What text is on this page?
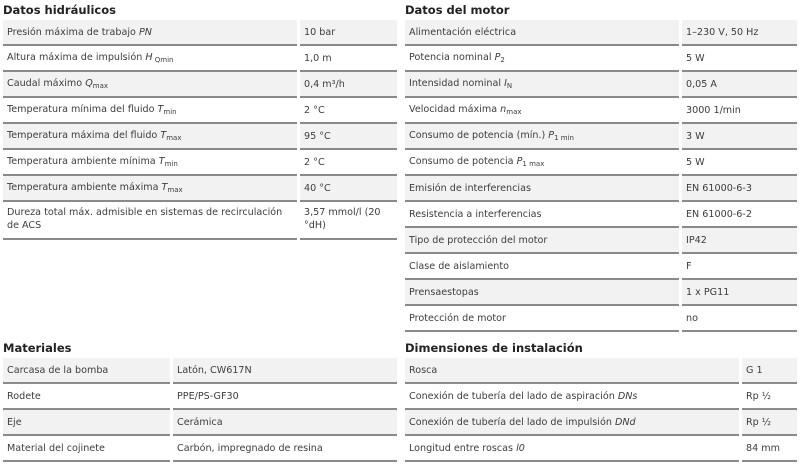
Datos hidráulicos
Presión máxima de trabajo PN	10 bar
Altura máxima de impulsión H $_{Qmin}$	1,0 m
Caudal máximo $Q_{max}$	0,4 m³/h
Temperatura mínima del fluido $T_{min}$	2 °C
Temperatura máxima del fluido $T_{max}$	95 °C
Temperatura ambiente mínima $T_{min}$	2 °C
Temperatura ambiente máxima $T_{max}$	40 °C
Dureza total máx. admisible en sistemas de recirculación de ACS	3,57 mmol/l (20 °dH)
Datos del motor
Alimentación eléctrica	1–230 V, 50 Hz
Potencia nominal $P_2$	5 W
Intensidad nominal $I_N$	0,05 A
Velocidad máxima $n_{max}$	3000 1/min
Consumo de potencia (mín.) $P_{1 min}$	3 W
Consumo de potencia $P_{1 max}$	5 W
Emisión de interferencias	EN 61000-6-3
Resistencia a interferencias	EN 61000-6-2
Tipo de protección del motor	IP42
Clase de aislamiento	F
Prensaestopas	1 x PG11
Protección de motor	no
Materiales
Carcasa de la bomba	Latón, CW617N
Rodete	PPE/PS-GF30
Eje	Cerámica
Material del cojinete	Carbón, impregnado de resina
Dimensiones de instalación
Rosca	G 1
Conexión de tubería del lado de aspiración DNs	Rp ½
Conexión de tubería del lado de impulsión DNd	Rp ½
Longitud entre roscas l0	84 mm
